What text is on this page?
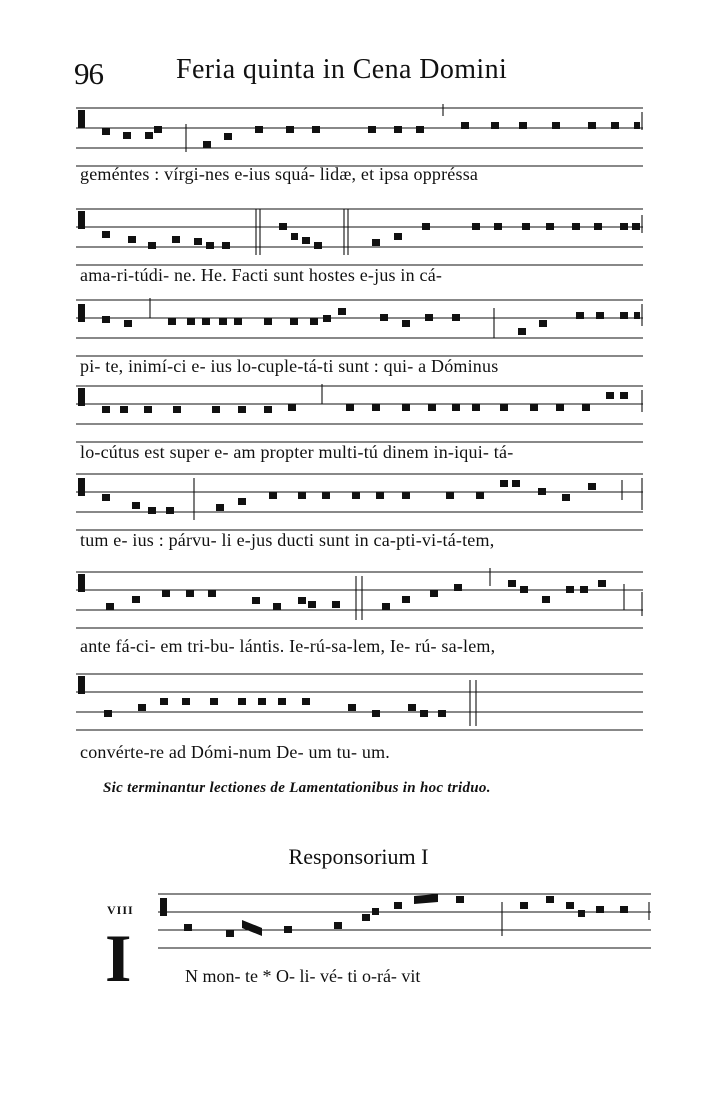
96	Feria quinta in Cena Domini
geméntes : vírgi-nes e-ius squá- lidæ, et ipsa oppréssa
ama-ri-túdi- ne. He. Facti sunt hostes e-jus in cá-
pi- te, inimí-ci e- ius lo-cuple-tá-ti sunt : qui- a Dóminus
lo-cútus est super e- am propter multi-tú dinem in-iqui- tá-
tum e- ius : párvu- li e-jus ducti sunt in ca-pti-vi-tá-tem,
ante fá-ci- em tri-bu- lántis. Ie-rú-sa-lem, Ie- rú- sa-lem,
convérte-re ad Dómi-num De- um tu- um.
Sic terminantur lectiones de Lamentationibus in hoc triduo.
Responsorium I
VIII
I	N mon- te * O- li- vé- ti o-rá- vit
